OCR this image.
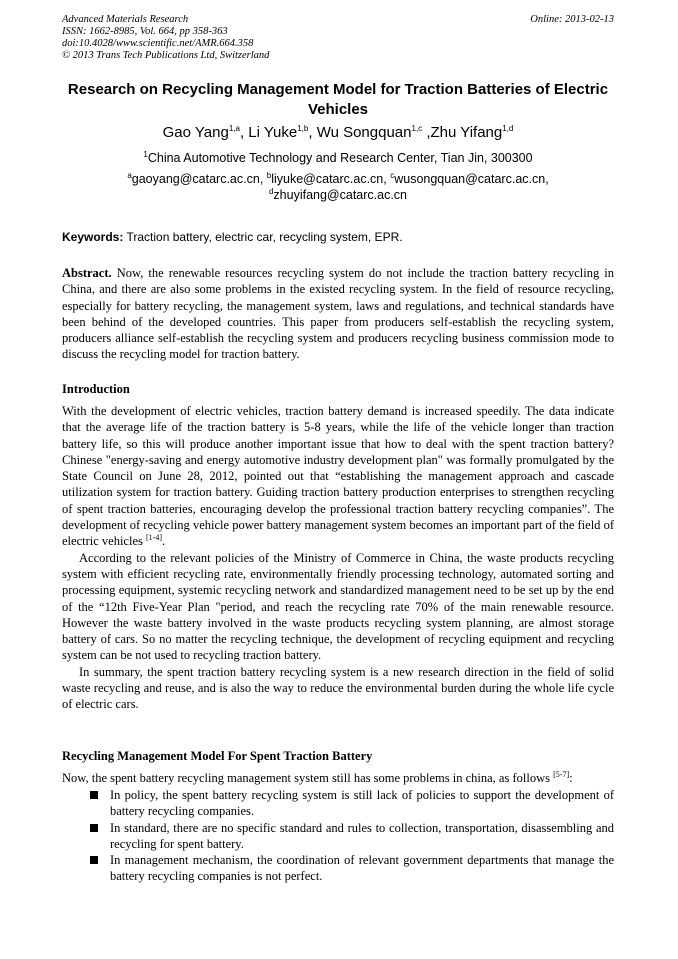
Advanced Materials Research
ISSN: 1662-8985, Vol. 664, pp 358-363
doi:10.4028/www.scientific.net/AMR.664.358
© 2013 Trans Tech Publications Ltd, Switzerland
Online: 2013-02-13
Research on Recycling Management Model for Traction Batteries of Electric Vehicles
Gao Yang$^{1,a}$, Li Yuke$^{1,b}$, Wu Songquan$^{1,c}$ ,Zhu Yifang$^{1,d}$
$^1$China Automotive Technology and Research Center, Tian Jin, 300300
$^a$gaoyang@catarc.ac.cn, $^b$liyuke@catarc.ac.cn, $^c$wusongquan@catarc.ac.cn,
$^d$zhuyifang@catarc.ac.cn
Keywords: Traction battery, electric car, recycling system, EPR.

Abstract. Now, the renewable resources recycling system do not include the traction battery recycling in China, and there are also some problems in the existed recycling system. In the field of resource recycling, especially for battery recycling, the management system, laws and regulations, and technical standards have been behind of the developed countries. This paper from producers self-establish the recycling system, producers alliance self-establish the recycling system and producers recycling business commission mode to discuss the recycling model for traction battery.

Introduction

With the development of electric vehicles, traction battery demand is increased speedily. The data indicate that the average life of the traction battery is 5-8 years, while the life of the vehicle longer than traction battery life, so this will produce another important issue that how to deal with the spent traction battery? Chinese "energy-saving and energy automotive industry development plan" was formally promulgated by the State Council on June 28, 2012, pointed out that “establishing the management approach and cascade utilization system for traction battery. Guiding traction battery production enterprises to strengthen recycling of spent traction batteries, encouraging develop the professional traction battery recycling companies”. The development of recycling vehicle power battery management system becomes an important part of the field of electric vehicles [1-4].

According to the relevant policies of the Ministry of Commerce in China, the waste products recycling system with efficient recycling rate, environmentally friendly processing technology, automated sorting and processing equipment, systemic recycling network and standardized management need to be set up by the end of the “12th Five-Year Plan "period, and reach the recycling rate 70% of the main renewable resource. However the waste battery involved in the waste products recycling system planning, are almost storage battery of cars. So no matter the recycling technique, the development of recycling equipment and recycling system can be not used to recycling traction battery.

In summary, the spent traction battery recycling system is a new research direction in the field of solid waste recycling and reuse, and is also the way to reduce the environmental burden during the whole life cycle of electric cars.

Recycling Management Model For Spent Traction Battery

Now, the spent battery recycling management system still has some problems in china, as follows [5-7]:

In policy, the spent battery recycling system is still lack of policies to support the development of battery recycling companies.
In standard, there are no specific standard and rules to collection, transportation, disassembling and recycling for spent battery.
In management mechanism, the coordination of relevant government departments that manage the battery recycling companies is not perfect.
